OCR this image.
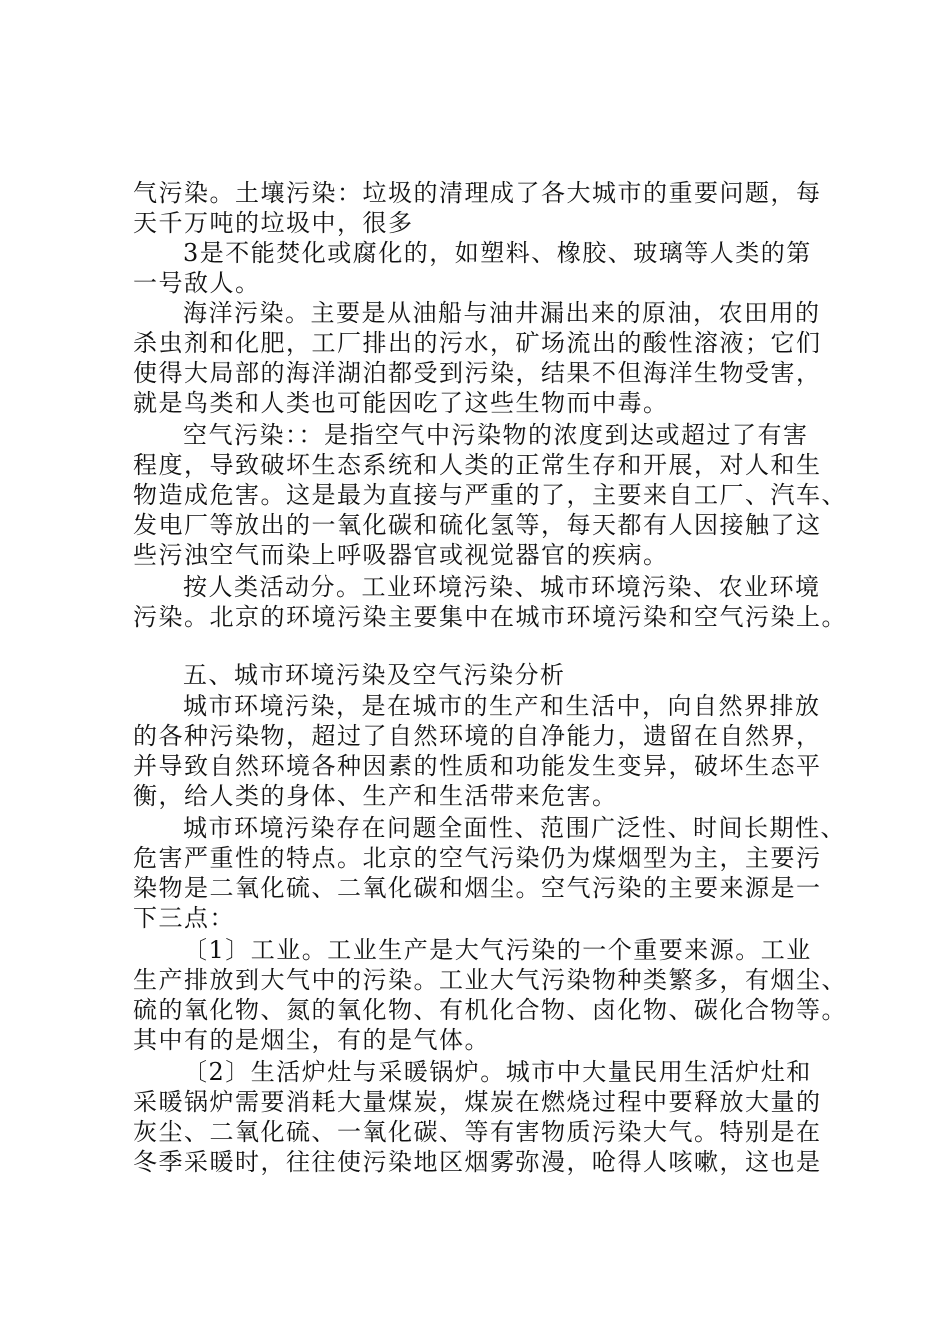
气污染。土壤污染：垃圾的清理成了各大城市的重要问题，每
天千万吨的垃圾中，很多
3是不能焚化或腐化的，如塑料、橡胶、玻璃等人类的第
一号敌人。
海洋污染。主要是从油船与油井漏出来的原油，农田用的
杀虫剂和化肥，工厂排出的污水，矿场流出的酸性溶液；它们
使得大局部的海洋湖泊都受到污染，结果不但海洋生物受害，
就是鸟类和人类也可能因吃了这些生物而中毒。
空气污染：：是指空气中污染物的浓度到达或超过了有害
程度，导致破坏生态系统和人类的正常生存和开展，对人和生
物造成危害。这是最为直接与严重的了，主要来自工厂、汽车、
发电厂等放出的一氧化碳和硫化氢等，每天都有人因接触了这
些污浊空气而染上呼吸器官或视觉器官的疾病。
按人类活动分。工业环境污染、城市环境污染、农业环境
污染。北京的环境污染主要集中在城市环境污染和空气污染上。
五、城市环境污染及空气污染分析
城市环境污染，是在城市的生产和生活中，向自然界排放
的各种污染物，超过了自然环境的自净能力，遗留在自然界，
并导致自然环境各种因素的性质和功能发生变异，破坏生态平
衡，给人类的身体、生产和生活带来危害。
城市环境污染存在问题全面性、范围广泛性、时间长期性、
危害严重性的特点。北京的空气污染仍为煤烟型为主，主要污
染物是二氧化硫、二氧化碳和烟尘。空气污染的主要来源是一
下三点：
〔1〕工业。工业生产是大气污染的一个重要来源。工业
生产排放到大气中的污染。工业大气污染物种类繁多，有烟尘、
硫的氧化物、氮的氧化物、有机化合物、卤化物、碳化合物等。
其中有的是烟尘，有的是气体。
〔2〕生活炉灶与采暖锅炉。城市中大量民用生活炉灶和
采暖锅炉需要消耗大量煤炭，煤炭在燃烧过程中要释放大量的
灰尘、二氧化硫、一氧化碳、等有害物质污染大气。特别是在
冬季采暖时，往往使污染地区烟雾弥漫，呛得人咳嗽，这也是
